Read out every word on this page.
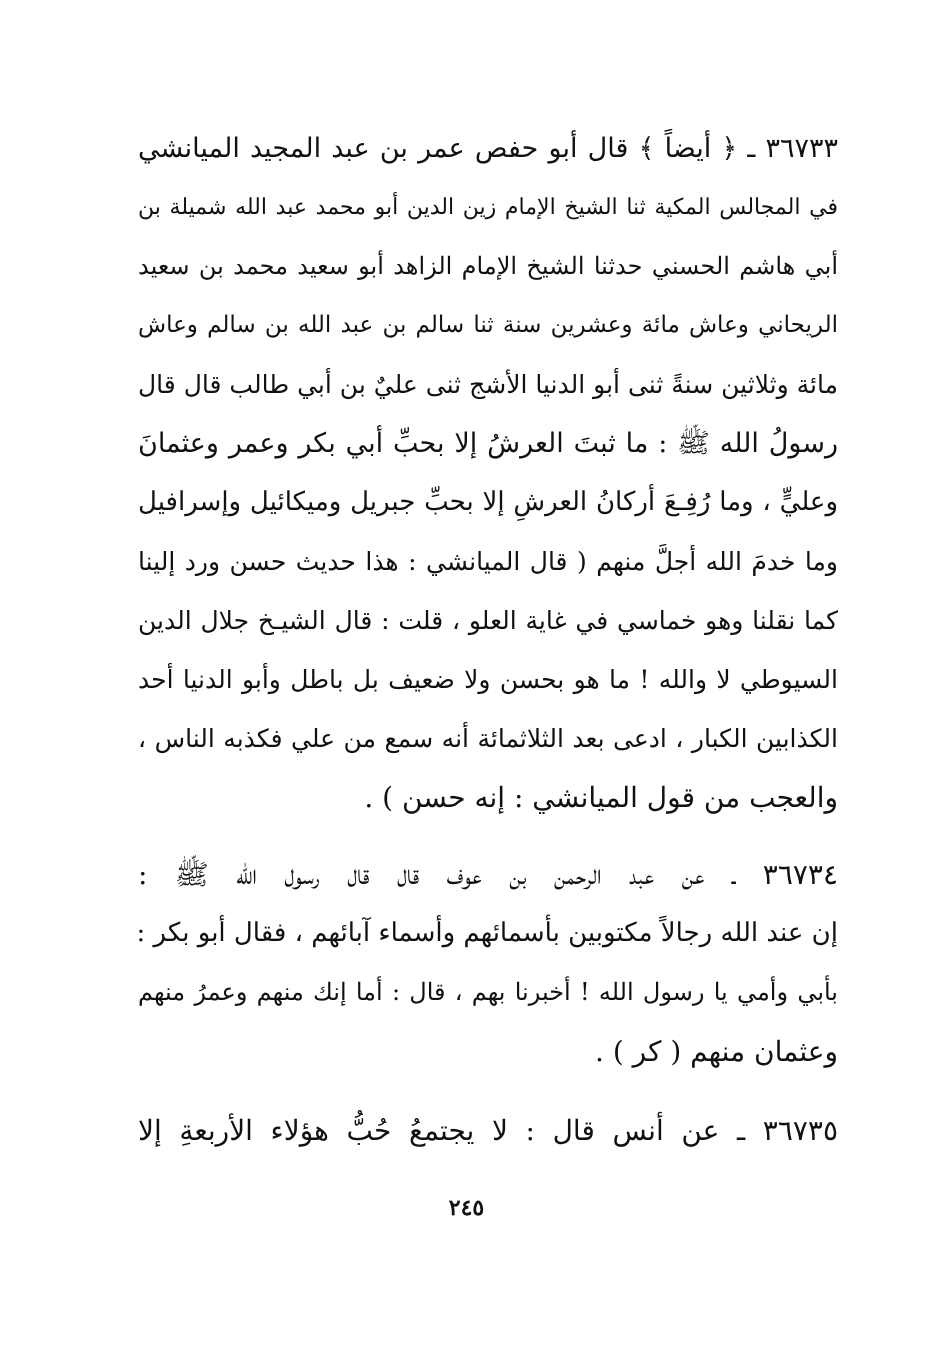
٣٦٧٣٣ ـ ﴿ أيضاً ﴾ قال أبو حفص عمر بن عبد المجيد الميانشي
في المجالس المكية ثنا الشيخ الإمام زين الدين أبو محمد عبد الله شميلة بن
أبي هاشم الحسني حدثنا الشيخ الإمام الزاهد أبو سعيد محمد بن سعيد
الريحاني وعاش مائة وعشرين سنة ثنا سالم بن عبد الله بن سالم وعاش
مائة وثلاثين سنةً ثنى أبو الدنيا الأشج ثنى عليٌ بن أبي طالب قال قال
رسولُ الله ﷺ : ما ثبتَ العرشُ إلا بحبِّ أبي بكر وعمر وعثمانَ
وعليٍّ ، وما رُفِـعَ أركانُ العرشِ إلا بحبِّ جبريل وميكائيل وإسرافيل
وما خدمَ الله أجلَّ منهم ( قال الميانشي : هذا حديث حسن ورد إلينا
كما نقلنا وهو خماسي في غاية العلو ، قلت : قال الشيـخ جلال الدين
السيوطي لا والله ! ما هو بحسن ولا ضعيف بل باطل وأبو الدنيا أحد
الكذابين الكبار ، ادعى بعد الثلاثمائة أنه سمع من علي فكذبه الناس ،
والعجب من قول الميانشي : إنه حسن ) .
٣٦٧٣٤ ـ عن عبد الرحمن بن عوف قال قال رسول الله ﷺ :
إن عند الله رجالاً مكتوبين بأسمائهم وأسماء آبائهم ، فقال أبو بكر :
بأبي وأمي يا رسول الله ! أخبرنا بهم ، قال : أما إنك منهم وعمرُ منهم
وعثمان منهم ( كر ) .
٣٦٧٣٥ ـ عن أنس قال : لا يجتمعُ حُبُّ هؤلاء الأربعةِ إلا
٢٤٥
